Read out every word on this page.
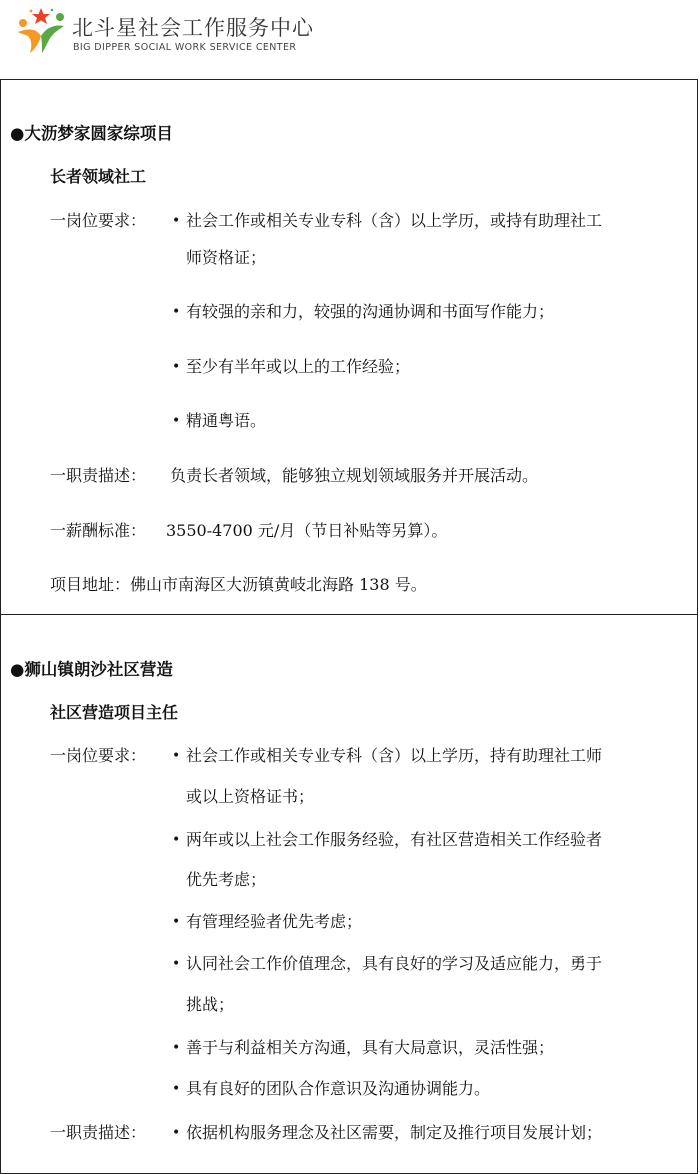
北斗星社会工作服务中心
BIG DIPPER SOCIAL WORK SERVICE CENTER
●大沥梦家圆家综项目
长者领域社工
一岗位要求： • 社会工作或相关专业专科（含）以上学历，或持有助理社工
师资格证；
• 有较强的亲和力，较强的沟通协调和书面写作能力；
• 至少有半年或以上的工作经验；
• 精通粤语。
一职责描述： 负责长者领域，能够独立规划领域服务并开展活动。
一薪酬标准： 3550-4700 元/月（节日补贴等另算）。
项目地址：佛山市南海区大沥镇黄岐北海路 138 号。
●狮山镇朗沙社区营造
社区营造项目主任
一岗位要求： • 社会工作或相关专业专科（含）以上学历，持有助理社工师
或以上资格证书；
• 两年或以上社会工作服务经验，有社区营造相关工作经验者
优先考虑；
• 有管理经验者优先考虑；
• 认同社会工作价值理念，具有良好的学习及适应能力，勇于
挑战；
• 善于与利益相关方沟通，具有大局意识，灵活性强；
• 具有良好的团队合作意识及沟通协调能力。
一职责描述： • 依据机构服务理念及社区需要，制定及推行项目发展计划；
